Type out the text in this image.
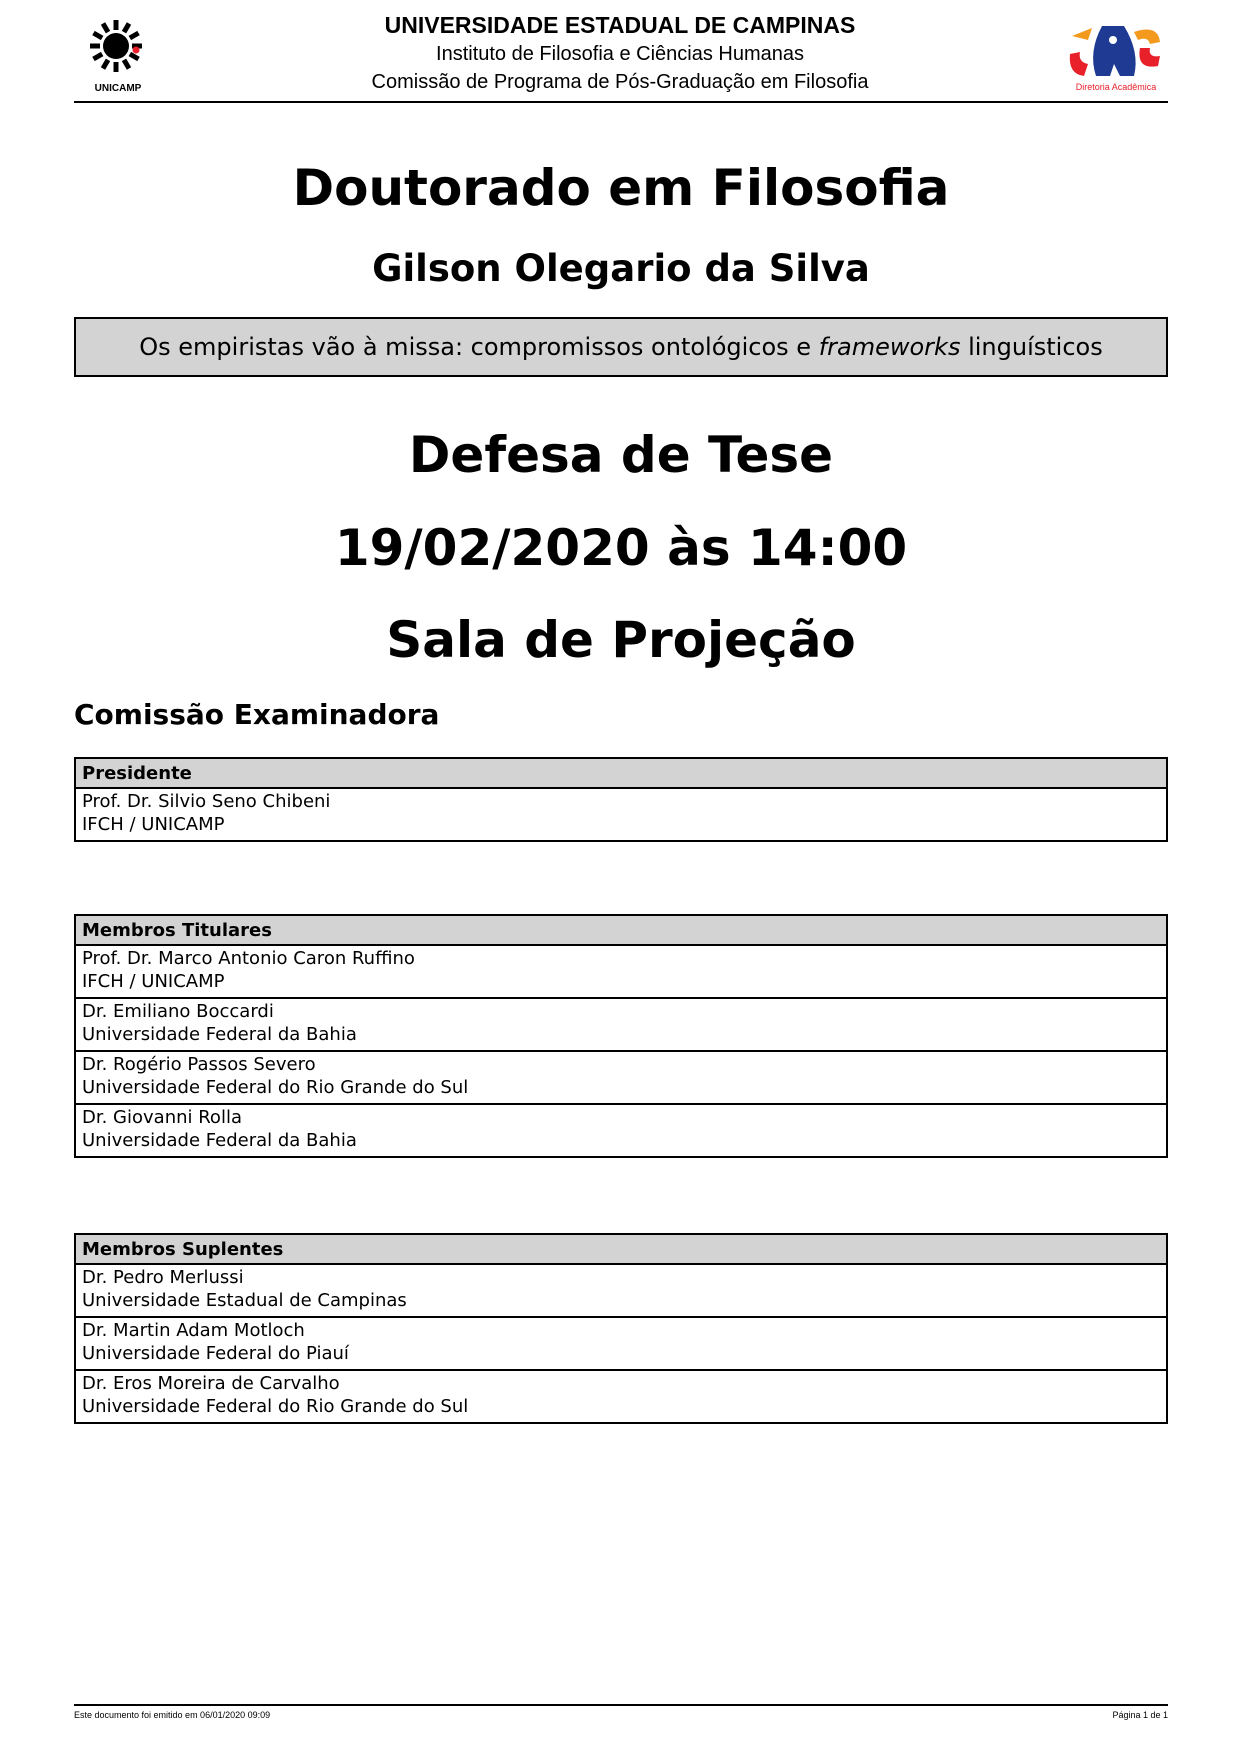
UNICAMP
UNIVERSIDADE ESTADUAL DE CAMPINAS
Instituto de Filosofia e Ciências Humanas
Comissão de Programa de Pós-Graduação em Filosofia	Diretoria Acadêmica
Doutorado em Filosofia
Gilson Olegario da Silva
Os empiristas vão à missa: compromissos ontológicos e frameworks linguísticos
Defesa de Tese
19/02/2020 às 14:00
Sala de Projeção
Comissão Examinadora
Presidente

Prof. Dr. Silvio Seno Chibeni
IFCH / UNICAMP
Membros Titulares

Prof. Dr. Marco Antonio Caron Ruffino
IFCH / UNICAMP

Dr. Emiliano Boccardi
Universidade Federal da Bahia

Dr. Rogério Passos Severo
Universidade Federal do Rio Grande do Sul

Dr. Giovanni Rolla
Universidade Federal da Bahia
Membros Suplentes

Dr. Pedro Merlussi
Universidade Estadual de Campinas

Dr. Martin Adam Motloch
Universidade Federal do Piauí

Dr. Eros Moreira de Carvalho
Universidade Federal do Rio Grande do Sul
Este documento foi emitido em 06/01/2020 09:09	Página 1 de 1
